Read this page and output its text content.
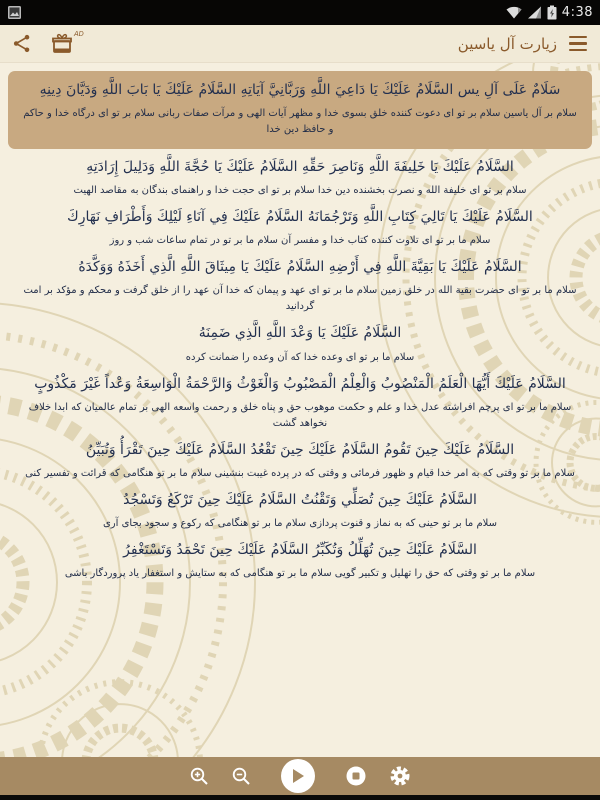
4:38
AD	زیارت آل یاسین

سَلَامٌ عَلَى آلِ يس السَّلَامُ عَلَيْكَ يَا دَاعِيَ اللَّهِ وَرَبَّانِيَّ آيَاتِهِ السَّلَامُ عَلَيْكَ يَا بَابَ اللَّهِ وَدَيَّانَ دِينِهِ

سلام بر آل یاسین سلام بر تو ای دعوت کننده خلق بسوی خدا و مظهر آیات الهی و مرآت صفات ربانی سلام بر تو ای درگاه خدا و حاکم و حافظ دین خدا

السَّلَامُ عَلَيْكَ يَا خَلِيفَةَ اللَّهِ وَنَاصِرَ حَقِّهِ السَّلَامُ عَلَيْكَ يَا حُجَّةَ اللَّهِ وَدَلِيلَ إِرَادَتِهِ

سلام بر تو ای خلیفة الله و نصرت بخشنده دین خدا سلام بر تو ای حجت خدا و راهنمای بندگان به مقاصد الهیت

السَّلَامُ عَلَيْكَ يَا تَالِيَ كِتَابِ اللَّهِ وَتَرْجُمَانَهُ السَّلَامُ عَلَيْكَ فِي آنَاءِ لَيْلِكَ وَأَطْرَافِ نَهَارِكَ

سلام ما بر تو ای تلاوت کننده کتاب خدا و مفسر آن سلام ما بر تو در تمام ساعات شب و روز

السَّلَامُ عَلَيْكَ يَا بَقِيَّةَ اللَّهِ فِي أَرْضِهِ السَّلَامُ عَلَيْكَ يَا مِيثَاقَ اللَّهِ الَّذِي أَخَذَهُ وَوَكَّدَهُ

سلام ما بر تو ای حضرت بقیة الله در خلق زمین سلام ما بر تو ای عهد و پیمان که خدا آن عهد را از خلق گرفت و محکم و مؤکد بر امت گردانید

السَّلَامُ عَلَيْكَ يَا وَعْدَ اللَّهِ الَّذِي ضَمِنَهُ

سلام ما بر تو ای وعده خدا که آن وعده را ضمانت کرده

السَّلَامُ عَلَيْكَ أَيُّهَا الْعَلَمُ الْمَنْصُوبُ وَالْعِلْمُ الْمَصْبُوبُ وَالْغَوْثُ وَالرَّحْمَةُ الْوَاسِعَةُ وَعْداً غَيْرَ مَكْذُوبٍ

سلام ما بر تو ای پرچم افراشته عدل خدا و علم و حکمت موهوب حق و پناه خلق و رحمت واسعه الهی بر تمام عالمیان که ابدا خلاف نخواهد گشت

السَّلَامُ عَلَيْكَ حِينَ تَقُومُ السَّلَامُ عَلَيْكَ حِينَ تَقْعُدُ السَّلَامُ عَلَيْكَ حِينَ تَقْرَأُ وَتُبَيِّنُ

سلام ما بر تو وقتی که به امر خدا قیام و ظهور فرمائی و وقتی که در پرده غیبت بنشینی سلام ما بر تو هنگامی که قرائت و تفسیر کنی

السَّلَامُ عَلَيْكَ حِينَ تُصَلِّي وَتَقْنُتُ السَّلَامُ عَلَيْكَ حِينَ تَرْكَعُ وَتَسْجُدُ

سلام ما بر تو حینی که به نماز و قنوت پردازی سلام ما بر تو هنگامی که رکوع و سجود بجای آری

السَّلَامُ عَلَيْكَ حِينَ تُهَلِّلُ وَتُكَبِّرُ السَّلَامُ عَلَيْكَ حِينَ تَحْمَدُ وَتَسْتَغْفِرُ

سلام ما بر تو وقتی که حق را تهلیل و تکبیر گویی سلام ما بر تو هنگامی که به ستایش و استغفار یاد پروردگار باشی
